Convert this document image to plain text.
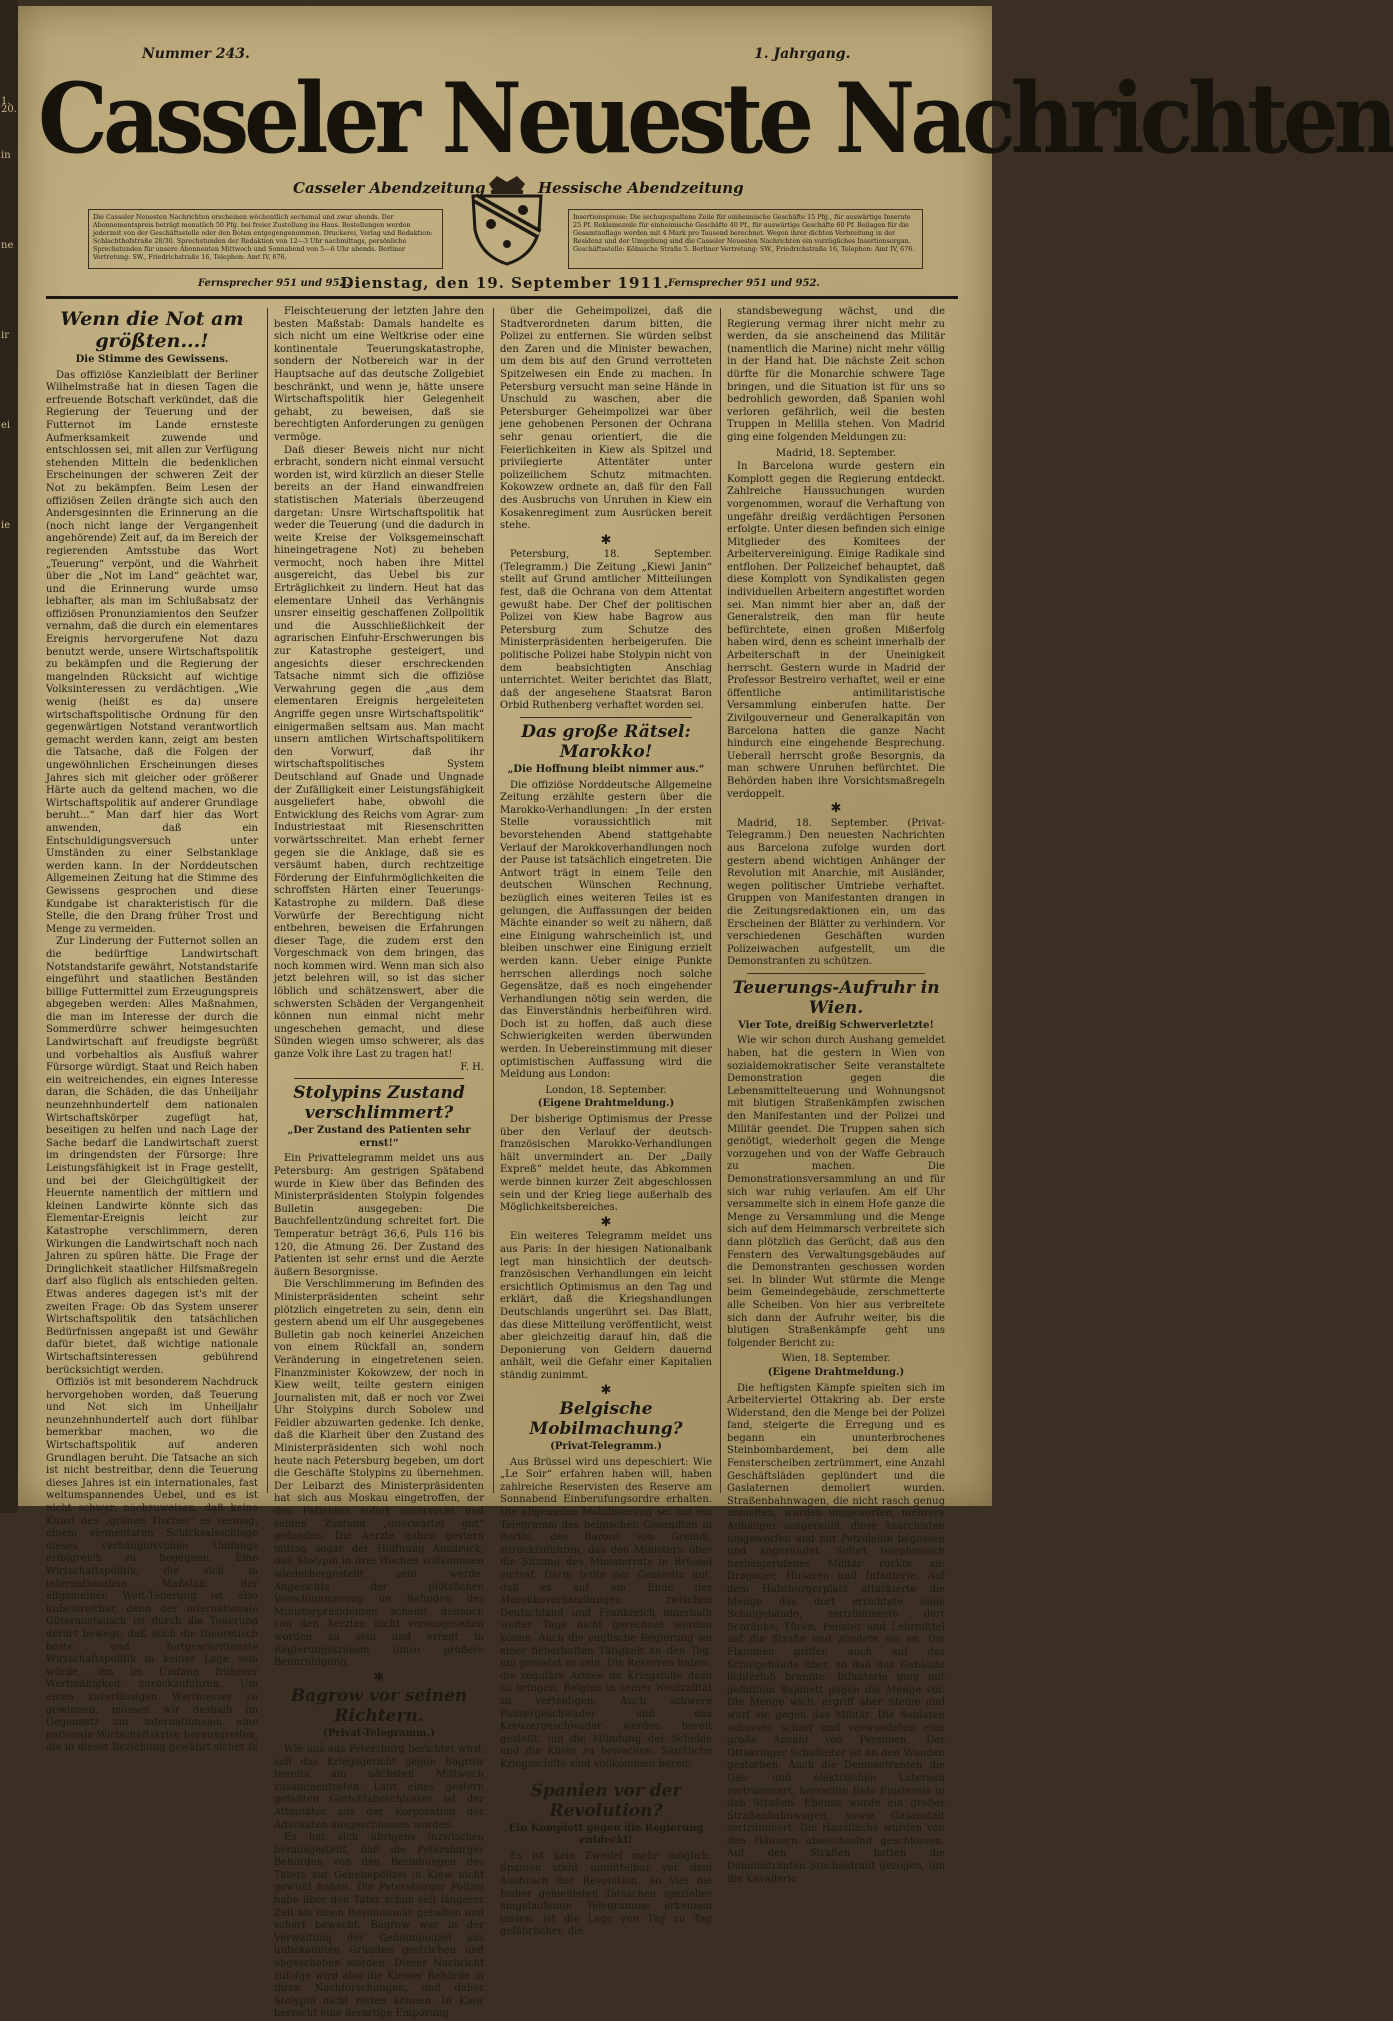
1.
20.
in
ne
ir
ei
ie
Nummer 243.	1. Jahrgang.
Casseler Neueste Nachrichten
Casseler Abendzeitung	Hessische Abendzeitung
Die Casseler Neuesten Nachrichten erscheinen wöchentlich sechsmal und zwar abends. Der Abonnementspreis beträgt monatlich 50 Pfg. bei freier Zustellung ins Haus. Bestellungen werden jederzeit von der Geschäftsstelle oder den Boten entgegengenommen. Druckerei, Verlag und Redaktion: Schlachthofstraße 28/30. Sprechstunden der Redaktion von 12—3 Uhr nachmittags, persönliche Sprechstunden für unsere Abonnenten Mittwoch und Sonnabend von 5—6 Uhr abends. Berliner Vertretung: SW., Friedrichstraße 16, Telephon: Amt IV, 676.
Insertionspreise: Die sechsgespaltene Zeile für einheimische Geschäfte 15 Pfg., für auswärtige Inserate 25 Pf. Reklamezeile für einheimische Geschäfte 40 Pf., für auswärtige Geschäfte 60 Pf. Beilagen für die Gesamtauflage werden mit 4 Mark pro Tausend berechnet. Wegen ihrer dichten Verbreitung in der Residenz und der Umgebung sind die Casseler Neuesten Nachrichten ein vorzügliches Insertionsorgan. Geschäftsstelle: Kölnische Straße 5. Berliner Vertretung: SW., Friedrichstraße 16, Telephon: Amt IV, 676.
Fernsprecher 951 und 952.
Dienstag, den 19. September 1911.
Fernsprecher 951 und 952.
Wenn die Not am größten...!
Die Stimme des Gewissens.

Das offiziöse Kanzleiblatt der Berliner Wilhelmstraße hat in diesen Tagen die erfreuende Botschaft verkündet, daß die Regierung der Teuerung und der Futternot im Lande ernsteste Aufmerksamkeit zuwende und entschlossen sei, mit allen zur Verfügung stehenden Mitteln die bedenklichen Erscheinungen der schweren Zeit der Not zu bekämpfen. Beim Lesen der offiziösen Zeilen drängte sich auch den Andersgesinnten die Erinnerung an die (noch nicht lange der Vergangenheit angehörende) Zeit auf, da im Bereich der regierenden Amtsstube das Wort „Teuerung“ verpönt, und die Wahrheit über die „Not im Land“ geächtet war, und die Erinnerung wurde umso lebhafter, als man im Schlußabsatz der offiziösen Pronunziamientos den Seufzer vernahm, daß die durch ein elementares Ereignis hervorgerufene Not dazu benutzt werde, unsere Wirtschaftspolitik zu bekämpfen und die Regierung der mangelnden Rücksicht auf wichtige Volksinteressen zu verdächtigen. „Wie wenig (heißt es da) unsere wirtschaftspolitische Ordnung für den gegenwärtigen Notstand verantwortlich gemacht werden kann, zeigt am besten die Tatsache, daß die Folgen der ungewöhnlichen Erscheinungen dieses Jahres sich mit gleicher oder größerer Härte auch da geltend machen, wo die Wirtschaftspolitik auf anderer Grundlage beruht...“ Man darf hier das Wort anwenden, daß ein Entschuldigungsversuch unter Umständen zu einer Selbstanklage werden kann. In der Norddeutschen Allgemeinen Zeitung hat die Stimme des Gewissens gesprochen und diese Kundgabe ist charakteristisch für die Stelle, die den Drang früher Trost und Menge zu vermeiden.

Zur Linderung der Futternot sollen an die bedürftige Landwirtschaft Notstandstarife gewährt, Notstandstarife eingeführt und staatlichen Beständen billige Futtermittel zum Erzeugungspreis abgegeben werden: Alles Maßnahmen, die man im Interesse der durch die Sommerdürre schwer heimgesuchten Landwirtschaft auf freudigste begrüßt und vorbehaltlos als Ausfluß wahrer Fürsorge würdigt. Staat und Reich haben ein weitreichendes, ein eignes Interesse daran, die Schäden, die das Unheiljahr neunzehnhundertelf dem nationalen Wirtschaftskörper zugefügt hat, beseitigen zu helfen und nach Lage der Sache bedarf die Landwirtschaft zuerst im dringendsten der Fürsorge: Ihre Leistungsfähigkeit ist in Frage gestellt, und bei der Gleichgültigkeit der Heuernte namentlich der mittlern und kleinen Landwirte könnte sich das Elementar-Ereignis leicht zur Katastrophe verschlimmern, deren Wirkungen die Landwirtschaft noch nach Jahren zu spüren hätte. Die Frage der Dringlichkeit staatlicher Hilfsmaßregeln darf also füglich als entschieden gelten. Etwas anderes dagegen ist's mit der zweiten Frage: Ob das System unserer Wirtschaftspolitik den tatsächlichen Bedürfnissen angepaßt ist und Gewähr dafür bietet, daß wichtige nationale Wirtschaftsinteressen gebührend berücksichtigt werden.

Offiziös ist mit besonderem Nachdruck hervorgehoben worden, daß Teuerung und Not sich im Unheiljahr neunzehnhundertelf auch dort fühlbar bemerkbar machen, wo die Wirtschaftspolitik auf anderen Grundlagen beruht. Die Tatsache an sich ist nicht bestreitbar, denn die Teuerung dieses Jahres ist ein internationales, fast weltumspannendes Uebel, und es ist nicht schwer, nachzuweisen, daß keine Kunst des „grünen Tisches“ es vermag, einem elementaren Schicksalsschlage dieses verhängnisvollen Umfangs erfolgreich zu begegnen. Eine Wirtschaftspolitik, die sich in internationalem Maßstab der allgemeinen Welt-Teuerung ist also unbestreitbar, denn der internationale Güteraustausch ist durch die Teuerung derart bewegt, daß auch die theoretisch beste und fortgeschrittenste Wirtschaftspolitik in keiner Lage sein würde, ihn im Umfang früherer Wertmäßigkeit zurückzuführen. Um einen zuverlässigen Wertmesser zu gewinnen, müssen wir deshalb im Gegensatz zur internationalen eine nationale Wirtschaftskrise herausgreifen, die in dieser Beziehung gewährt sicher fe

Fleischteuerung der letzten Jahre den besten Maßstab: Damals handelte es sich nicht um eine Weltkrise oder eine kontinentale Teuerungskatastrophe, sondern der Notbereich war in der Hauptsache auf das deutsche Zollgebiet beschränkt, und wenn je, hätte unsere Wirtschaftspolitik hier Gelegenheit gehabt, zu beweisen, daß sie berechtigten Anforderungen zu genügen vermöge.

Daß dieser Beweis nicht nur nicht erbracht, sondern nicht einmal versucht worden ist, wird kürzlich an dieser Stelle bereits an der Hand einwandfreien statistischen Materials überzeugend dargetan: Unsre Wirtschaftspolitik hat weder die Teuerung (und die dadurch in weite Kreise der Volksgemeinschaft hineingetragene Not) zu beheben vermocht, noch haben ihre Mittel ausgereicht, das Uebel bis zur Erträglichkeit zu lindern. Heut hat das elementare Unheil das Verhängnis unsrer einseitig geschaffenen Zollpolitik und die Ausschließlichkeit der agrarischen Einfuhr-Erschwerungen bis zur Katastrophe gesteigert, und angesichts dieser erschreckenden Tatsache nimmt sich die offiziöse Verwahrung gegen die „aus dem elementaren Ereignis hergeleiteten Angriffe gegen unsre Wirtschaftspolitik“ einigermaßen seltsam aus. Man macht unsern amtlichen Wirtschaftspolitikern den Vorwurf, daß ihr wirtschaftspolitisches System Deutschland auf Gnade und Ungnade der Zufälligkeit einer Leistungsfähigkeit ausgeliefert habe, obwohl die Entwicklung des Reichs vom Agrar- zum Industriestaat mit Riesenschritten vorwärtsschreitet. Man erhebt ferner gegen sie die Anklage, daß sie es versäumt haben, durch rechtzeitige Förderung der Einfuhrmöglichkeiten die schroffsten Härten einer Teuerungs-Katastrophe zu mildern. Daß diese Vorwürfe der Berechtigung nicht entbehren, beweisen die Erfahrungen dieser Tage, die zudem erst den Vorgeschmack von dem bringen, das noch kommen wird. Wenn man sich also jetzt belehren will, so ist das sicher löblich und schätzenswert, aber die schwersten Schäden der Vergangenheit können nun einmal nicht mehr ungeschehen gemacht, und diese Sünden wiegen umso schwerer, als das ganze Volk ihre Last zu tragen hat!

F. H.
Stolypins Zustand verschlimmert?
„Der Zustand des Patienten sehr ernst!“

Ein Privattelegramm meldet uns aus Petersburg: Am gestrigen Spätabend wurde in Kiew über das Befinden des Ministerpräsidenten Stolypin folgendes Bulletin ausgegeben: Die Bauchfellentzündung schreitet fort. Die Temperatur beträgt 36,6, Puls 116 bis 120, die Atmung 26. Der Zustand des Patienten ist sehr ernst und die Aerzte äußern Besorgnisse.

Die Verschlimmerung im Befinden des Ministerpräsidenten scheint sehr plötzlich eingetreten zu sein, denn ein gestern abend um elf Uhr ausgegebenes Bulletin gab noch keinerlei Anzeichen von einem Rückfall an, sondern Veränderung in eingetretenen seien. Finanzminister Kokowzew, der noch in Kiew weilt, teilte gestern einigen Journalisten mit, daß er noch vor Zwei Uhr Stolypins durch Sobolew und Feldler abzuwarten gedenke. Ich denke, daß die Klarheit über den Zustand des Ministerpräsidenten sich wohl noch heute nach Petersburg begeben, um dort die Geschäfte Stolypins zu übernehmen. Der Leibarzt des Ministerpräsidenten hat sich aus Moskau eingetroffen, der den Patienten sofort untersucht und seinen Zustand „unerwartet gut“ gefunden. Die Aerzte gaben gestern mittag sogar der Hoffnung Ausdruck, daß Stolypin in drei Wochen vollkommen wiederhergestellt sein werde. Angesichts der plötzlichen Verschlimmerung im Befinden des Ministerpräsidenten scheint dennoch von den Aerzten nicht vorausgesehen worden zu sein und erregt in Regierungskreisen umso größere Beunruhigung.

✱
Bagrow vor seinen Richtern.
(Privat-Telegramm.)

Wie uns aus Petersburg berichtet wird, soll das Kriegsgericht gegen Bagrow bereits am nächsten Mittwoch zusammentreten. Laut eines gestern gefaßten Gerichtsbeschlusses ist der Attentäter aus der Korporation der Advokaten ausgeschlossen worden.

Es hat sich übrigens inzwischen herausgestellt, daß die Petersburger Behörden von den Beziehungen des Täters zur Geheimpolizei in Kiew nicht gewußt haben. Die Petersburger Polizei habe über den Täter schon seit längerer Zeit als einen Revolutionär gehalten und scharf bewacht. Bagrow war in der Verwaltung der Geheimpolizei aus unbekannten Gründen gestrichen und abgeschoben worden. Dieser Nachricht zufolge wird also die Kiewer Behörde in ihren Nachforschungen, und daher Stolypin nicht retten können. In Kiew herrscht eine derartige Empörung

über die Geheimpolizei, daß die Stadtverordneten darum bitten, die Polizei zu entfernen. Sie würden selbst den Zaren und die Minister bewachen, um dem bis auf den Grund verrotteten Spitzelwesen ein Ende zu machen. In Petersburg versucht man seine Hände in Unschuld zu waschen, aber die Petersburger Geheimpolizei war über jene gehobenen Personen der Ochrana sehr genau orientiert, die die Feierlichkeiten in Kiew als Spitzel und privilegierte Attentäter unter polizeilichem Schutz mitmachten. Kokowzew ordnete an, daß für den Fall des Ausbruchs von Unruhen in Kiew ein Kosakenregiment zum Ausrücken bereit stehe.

✱

Petersburg, 18. September. (Telegramm.) Die Zeitung „Kiewi Janin“ stellt auf Grund amtlicher Mitteilungen fest, daß die Ochrana von dem Attentat gewußt habe. Der Chef der politischen Polizei von Kiew habe Bagrow aus Petersburg zum Schutze des Ministerpräsidenten herbeigerufen. Die politische Polizei habe Stolypin nicht von dem beabsichtigten Anschlag unterrichtet. Weiter berichtet das Blatt, daß der angesehene Staatsrat Baron Orbid Ruthenberg verhaftet worden sei.

Das große Rätsel: Marokko!
„Die Hoffnung bleibt nimmer aus.“

Die offiziöse Norddeutsche Allgemeine Zeitung erzählte gestern über die Marokko-Verhandlungen: „In der ersten Stelle voraussichtlich mit bevorstehenden Abend stattgehabte Verlauf der Marokkoverhandlungen noch der Pause ist tatsächlich eingetreten. Die Antwort trägt in einem Teile den deutschen Wünschen Rechnung, bezüglich eines weiteren Teiles ist es gelungen, die Auffassungen der beiden Mächte einander so weit zu nähern, daß eine Einigung wahrscheinlich ist, und bleiben unschwer eine Einigung erzielt werden kann. Ueber einige Punkte herrschen allerdings noch solche Gegensätze, daß es noch eingehender Verhandlungen nötig sein werden, die das Einverständnis herbeiführen wird. Doch ist zu hoffen, daß auch diese Schwierigkeiten werden überwunden werden. In Uebereinstimmung mit dieser optimistischen Auffassung wird die Meldung aus London:

London, 18. September.
(Eigene Drahtmeldung.)

Der bisherige Optimismus der Presse über den Verlauf der deutsch-französischen Marokko-Verhandlungen hält unvermindert an. Der „Daily Expreß“ meldet heute, das Abkommen werde binnen kurzer Zeit abgeschlossen sein und der Krieg liege außerhalb des Möglichkeitsbereiches.

✱

Ein weiteres Telegramm meldet uns aus Paris: In der hiesigen Nationalbank legt man hinsichtlich der deutsch-französischen Verhandlungen ein leicht ersichtlich Optimismus an den Tag und erklärt, daß die Kriegshandlungen Deutschlands ungerührt sei. Das Blatt, das diese Mitteilung veröffentlicht, weist aber gleichzeitig darauf hin, daß die Deponierung von Geldern dauernd anhält, weil die Gefahr einer Kapitalien ständig zunimmt.

✱
Belgische Mobilmachung?
(Privat-Telegramm.)

Aus Brüssel wird uns depeschiert: Wie „Le Soir“ erfahren haben will, haben zahlreiche Reservisten des Reserve am Sonnabend Einberufungsordre erhalten. Die allgemeine Mobilisierung sei auf ein Telegramm des belgischen Gesandten in Berlin, des Barons von Greindl, zurückzuführen, das den Ministern über die Sitzung des Ministerrats in Brüssel eintraf. Darin teilte der Gesandte mit, daß es auf ein Ende der Marokkoverhandlungen zwischen Deutschland und Frankreich innerhalb weiter Tage nicht gerechnet werden könne. Auch die englische Regierung sei einer fieberhaften Tätigkeit an den Tag, um gerüstet zu sein. Die Reserven haben, die reguläre Armee im Kriegsfalle dazu zu bringen, Belgien in seiner Neutralität zu verteidigen. Auch schwere Panzergeschwader und das Kreuzergeschwader werden bereit gestellt, um die Mündung der Schelde und die Küste zu bewachen. Sämtliche Kriegsschiffe sind vollkommen bereit.

Spanien vor der Revolution?
Ein Komplott gegen die Regierung entdeckt!

Es ist kein Zweifel mehr möglich: Spanien steht unmittelbar vor dem Ausbruch der Revolution. So viel die bisher gemeldeten Tatsachen spezieller eingelaufenen Telegramme erkennen lassen, ist die Lage von Tag zu Tag gefährlicher, die

standsbewegung wächst, und die Regierung vermag ihrer nicht mehr zu werden, da sie anscheinend das Militär (namentlich die Marine) nicht mehr völlig in der Hand hat. Die nächste Zeit schon dürfte für die Monarchie schwere Tage bringen, und die Situation ist für uns so bedrohlich geworden, daß Spanien wohl verloren gefährlich, weil die besten Truppen in Melilla stehen. Von Madrid ging eine folgenden Meldungen zu:

Madrid, 18. September.

In Barcelona wurde gestern ein Komplott gegen die Regierung entdeckt. Zahlreiche Haussuchungen wurden vorgenommen, worauf die Verhaftung von ungefähr dreißig verdächtigen Personen erfolgte. Unter diesen befinden sich einige Mitglieder des Komitees der Arbeitervereinigung. Einige Radikale sind entflohen. Der Polizeichef behauptet, daß diese Komplott von Syndikalisten gegen individuellen Arbeitern angestiftet worden sei. Man nimmt hier aber an, daß der Generalstreik, den man für heute befürchtete, einen großen Mißerfolg haben wird, denn es scheint innerhalb der Arbeiterschaft in der Uneinigkeit herrscht. Gestern wurde in Madrid der Professor Bestreiro verhaftet, weil er eine öffentliche antimilitaristische Versammlung einberufen hatte. Der Zivilgouverneur und Generalkapitän von Barcelona hatten die ganze Nacht hindurch eine eingehende Besprechung. Ueberall herrscht große Besorgnis, da man schwere Unruhen befürchtet. Die Behörden haben ihre Vorsichtsmaßregeln verdoppelt.

✱

Madrid, 18. September. (Privat-Telegramm.) Den neuesten Nachrichten aus Barcelona zufolge wurden dort gestern abend wichtigen Anhänger der Revolution mit Anarchie, mit Ausländer, wegen politischer Umtriebe verhaftet. Gruppen von Manifestanten drangen in die Zeitungsredaktionen ein, um das Erscheinen der Blätter zu verhindern. Vor verschiedenen Geschäften wurden Polizeiwachen aufgestellt, um die Demonstranten zu schützen.

Teuerungs-Aufruhr in Wien.
Vier Tote, dreißig Schwerverletzte!

Wie wir schon durch Aushang gemeldet haben, hat die gestern in Wien von sozialdemokratischer Seite veranstaltete Demonstration gegen die Lebensmittelteuerung und Wohnungsnot mit blutigen Straßenkämpfen zwischen den Manifestanten und der Polizei und Militär geendet. Die Truppen sahen sich genötigt, wiederholt gegen die Menge vorzugehen und von der Waffe Gebrauch zu machen. Die Demonstrationsversammlung an und für sich war ruhig verlaufen. Am elf Uhr versammelte sich in einem Hofe ganze die Menge zu Versammlung und die Menge sich auf dem Heimmarsch verbreitete sich dann plötzlich das Gerücht, daß aus den Fenstern des Verwaltungsgebäudes auf die Demonstranten geschossen worden sei. In blinder Wut stürmte die Menge beim Gemeindegebäude, zerschmetterte alle Scheiben. Von hier aus verbreitete sich dann der Aufruhr weiter, bis die blutigen Straßenkämpfe geht uns folgender Bericht zu:

Wien, 18. September.
(Eigene Drahtmeldung.)

Die heftigsten Kämpfe spielten sich im Arbeiterviertel Ottakring ab. Der erste Widerstand, den die Menge bei der Polizei fand, steigerte die Erregung und es begann ein ununterbrochenes Steinbombardement, bei dem alle Fensterscheiben zertrümmert, eine Anzahl Geschäftsläden geplündert und die Gaslaternen demoliert wurden. Straßenbahnwagen, die nicht rasch genug anhielten, wurden umgeworfen, mehrere Anhänger ausgeraubt, diese Anarchisten umgeworfen und mit Petroleum begossen und angezündet. Sofort telephonisch herbeigerufenes Militär rückte an: Dragoner, Husaren und Infanterie. Auf dem Habsburgerplatz attackierte die Menge das dort errichtete neue Schulgebäude, zertrümmerte dort Schränke, Türen, Fenster und Lehrmittel auf die Straße und zündete sie an. Die Flammen griffen auch auf das Schulgebäude über, so daß das Gebäude lichterloh brannte. Infanterie ging mit gefälltem Bajonett gegen die Menge vor. Die Menge wich, ergriff aber Steine und warf sie gegen das Militär. Die Soldaten schossen scharf und verwundeten eine große Anzahl von Personen. Der Ottakringer Schulleiter ist an den Wunden gestorben. Auch die Demonstranten die Gas- und elektrischen Laternen zertrümmert, herrschte tiefe Finsternis in den Straßen. Ebenso wurde ein großer Straßenbahnwagen, sowie Gasanstalt zertrümmert. Die Hausfläche wurden von den Häusern abwechselnd geschlossen. Auf den Straßen hatten die Demonstranten Stacheldraht gezogen, um die Kavallerie
